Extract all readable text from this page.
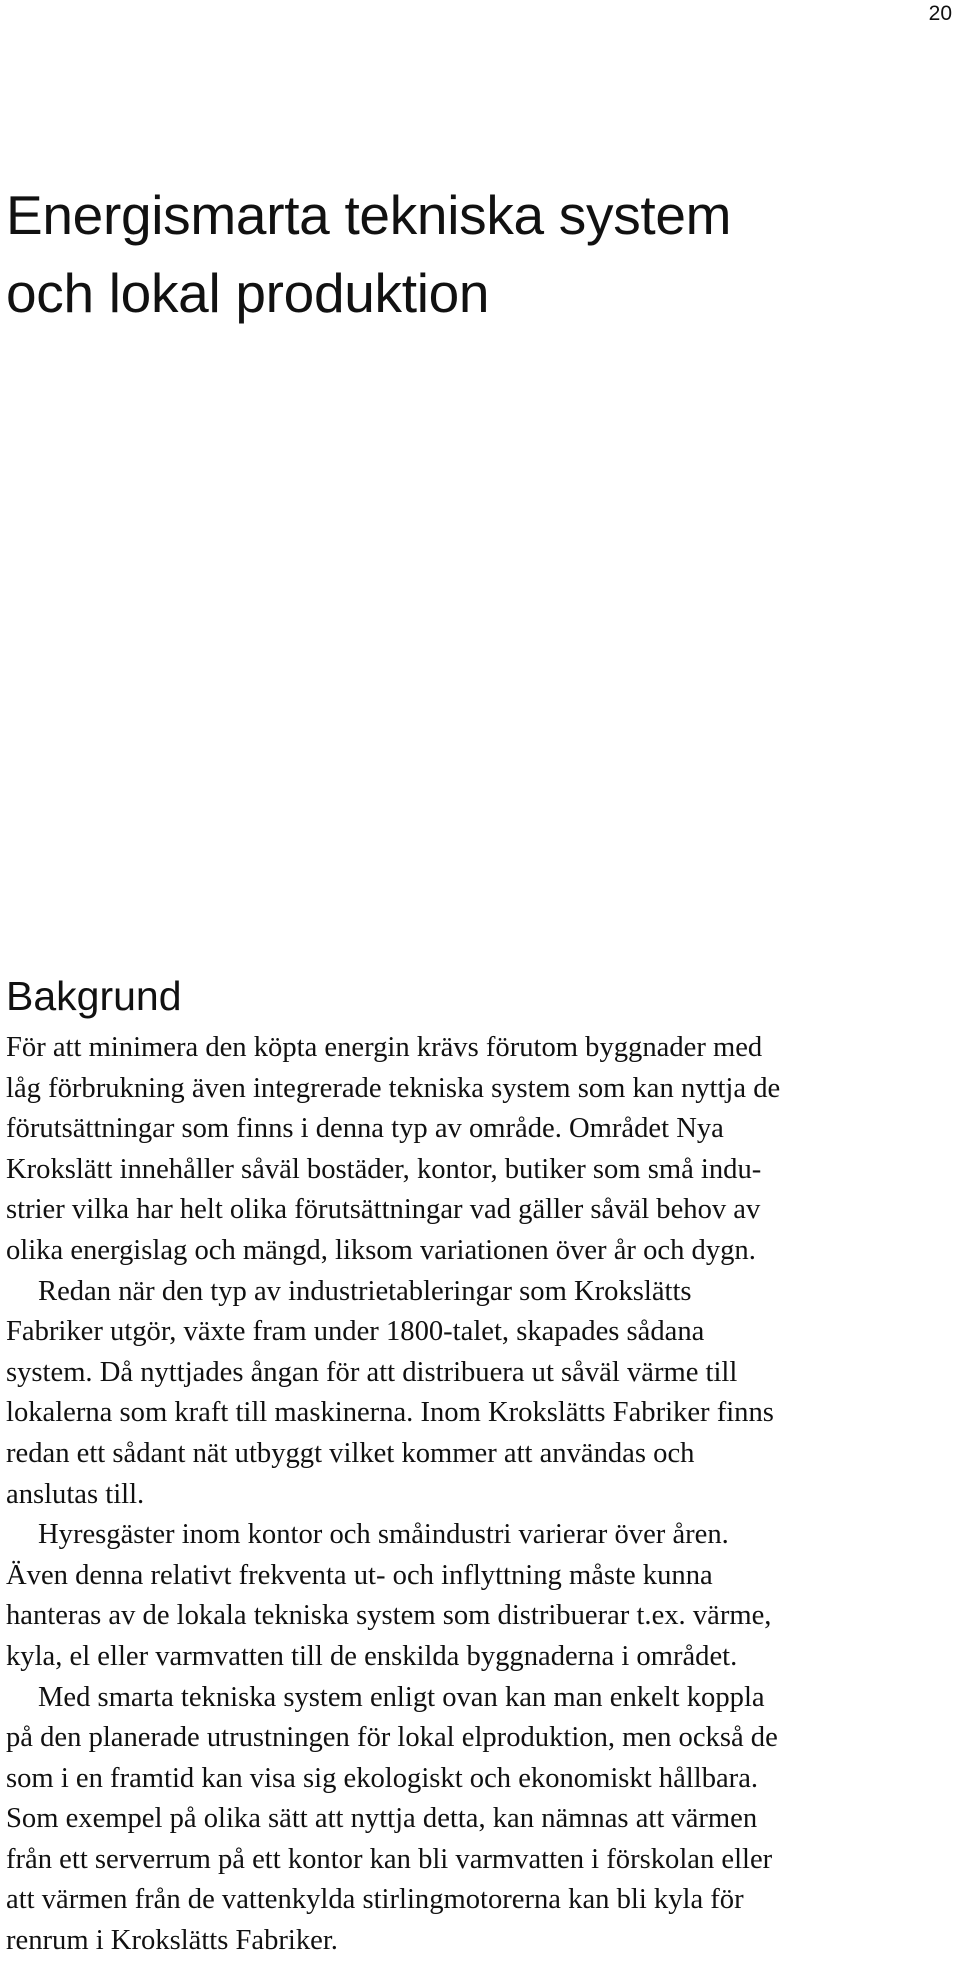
20
Energismarta tekniska system
och lokal produktion
Bakgrund
För att minimera den köpta energin krävs förutom byggnader med
låg förbrukning även integrerade tekniska system som kan nyttja de
förutsättningar som finns i denna typ av område. Området Nya
Krokslätt innehåller såväl bostäder, kontor, butiker som små indu-
strier vilka har helt olika förutsättningar vad gäller såväl behov av
olika energislag och mängd, liksom variationen över år och dygn.
Redan när den typ av industrietableringar som Krokslätts
Fabriker utgör, växte fram under 1800-talet, skapades sådana
system. Då nyttjades ångan för att distribuera ut såväl värme till
lokalerna som kraft till maskinerna. Inom Krokslätts Fabriker finns
redan ett sådant nät utbyggt vilket kommer att användas och
anslutas till.
Hyresgäster inom kontor och småindustri varierar över åren.
Även denna relativt frekventa ut- och inflyttning måste kunna
hanteras av de lokala tekniska system som distribuerar t.ex. värme,
kyla, el eller varmvatten till de enskilda byggnaderna i området.
Med smarta tekniska system enligt ovan kan man enkelt koppla
på den planerade utrustningen för lokal elproduktion, men också de
som i en framtid kan visa sig ekologiskt och ekonomiskt hållbara.
Som exempel på olika sätt att nyttja detta, kan nämnas att värmen
från ett serverrum på ett kontor kan bli varmvatten i förskolan eller
att värmen från de vattenkylda stirlingmotorerna kan bli kyla för
renrum i Krokslätts Fabriker.
